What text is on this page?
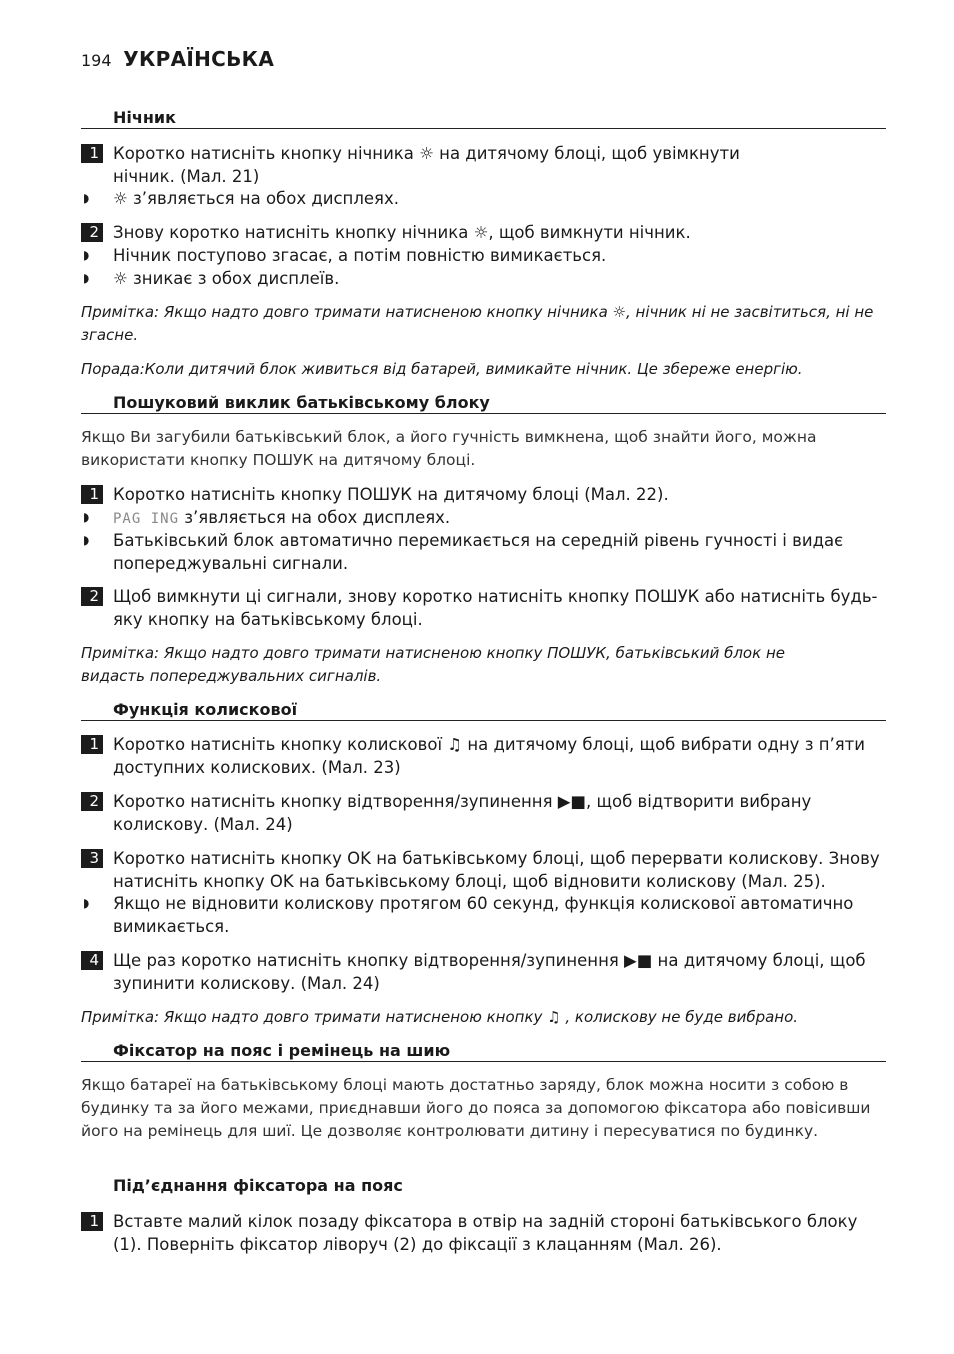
194 УКРАЇНСЬКА
Нічник
1 Коротко натисніть кнопку нічника ☼ на дитячому блоці, щоб увімкнути нічник. (Мал. 21)
◗ ☼ з’являється на обох дисплеях.
2 Знову коротко натисніть кнопку нічника ☼, щоб вимкнути нічник.
◗ Нічник поступово згасає, а потім повністю вимикається.
◗ ☼ зникає з обох дисплеїв.
Примітка: Якщо надто довго тримати натисненою кнопку нічника ☼, нічник ні не засвітиться, ні не згасне.
Порада:Коли дитячий блок живиться від батарей, вимикайте нічник. Це збереже енергію.
Пошуковий виклик батьківському блоку
Якщо Ви загубили батьківський блок, а його гучність вимкнена, щоб знайти його, можна використати кнопку ПОШУК на дитячому блоці.
1 Коротко натисніть кнопку ПОШУК на дитячому блоці (Мал. 22).
◗ PAG ING з’являється на обох дисплеях.
◗ Батьківський блок автоматично перемикається на середній рівень гучності і видає попереджувальні сигнали.
2 Щоб вимкнути ці сигнали, знову коротко натисніть кнопку ПОШУК або натисніть будь-яку кнопку на батьківському блоці.
Примітка: Якщо надто довго тримати натисненою кнопку ПОШУК, батьківський блок не видасть попереджувальних сигналів.
Функція колискової
1 Коротко натисніть кнопку колискової ♫ на дитячому блоці, щоб вибрати одну з п’яти доступних колискових. (Мал. 23)
2 Коротко натисніть кнопку відтворення/зупинення ▶■, щоб відтворити вибрану колискову. (Мал. 24)
3 Коротко натисніть кнопку OK на батьківському блоці, щоб перервати колискову. Знову натисніть кнопку OK на батьківському блоці, щоб відновити колискову (Мал. 25).
◗ Якщо не відновити колискову протягом 60 секунд, функція колискової автоматично вимикається.
4 Ще раз коротко натисніть кнопку відтворення/зупинення ▶■ на дитячому блоці, щоб зупинити колискову. (Мал. 24)
Примітка: Якщо надто довго тримати натисненою кнопку ♫ , колискову не буде вибрано.
Фіксатор на пояс і ремінець на шию
Якщо батареї на батьківському блоці мають достатньо заряду, блок можна носити з собою в будинку та за його межами, приєднавши його до пояса за допомогою фіксатора або повісивши його на ремінець для шиї. Це дозволяє контролювати дитину і пересуватися по будинку.
Під’єднання фіксатора на пояс
1 Вставте малий кілок позаду фіксатора в отвір на задній стороні батьківського блоку (1). Поверніть фіксатор ліворуч (2) до фіксації з клацанням (Мал. 26).
